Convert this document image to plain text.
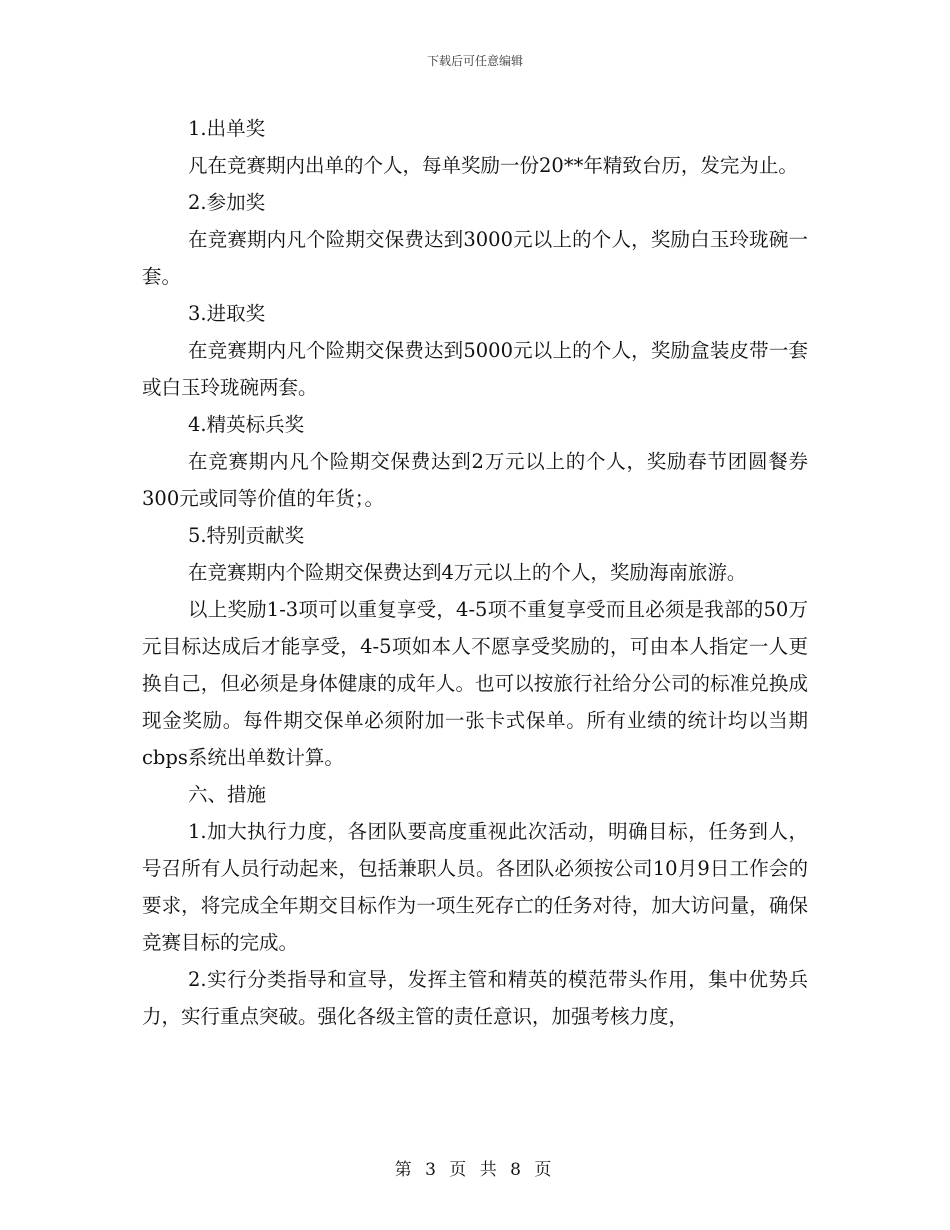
下载后可任意编辑

1.出单奖

凡在竞赛期内出单的个人，每单奖励一份20**年精致台历，发完为止。

2.参加奖

在竞赛期内凡个险期交保费达到3000元以上的个人，奖励白玉玲珑碗一套。

3.进取奖

在竞赛期内凡个险期交保费达到5000元以上的个人，奖励盒装皮带一套或白玉玲珑碗两套。

4.精英标兵奖

在竞赛期内凡个险期交保费达到2万元以上的个人，奖励春节团圆餐券300元或同等价值的年货；。

5.特别贡献奖

在竞赛期内个险期交保费达到4万元以上的个人，奖励海南旅游。

以上奖励1-3项可以重复享受，4-5项不重复享受而且必须是我部的50万元目标达成后才能享受，4-5项如本人不愿享受奖励的，可由本人指定一人更换自己，但必须是身体健康的成年人。也可以按旅行社给分公司的标准兑换成现金奖励。每件期交保单必须附加一张卡式保单。所有业绩的统计均以当期cbps系统出单数计算。

六、措施

1.加大执行力度，各团队要高度重视此次活动，明确目标，任务到人，号召所有人员行动起来，包括兼职人员。各团队必须按公司10月9日工作会的要求，将完成全年期交目标作为一项生死存亡的任务对待，加大访问量，确保竞赛目标的完成。

2.实行分类指导和宣导，发挥主管和精英的模范带头作用，集中优势兵力，实行重点突破。强化各级主管的责任意识，加强考核力度，

第 3 页 共 8 页
